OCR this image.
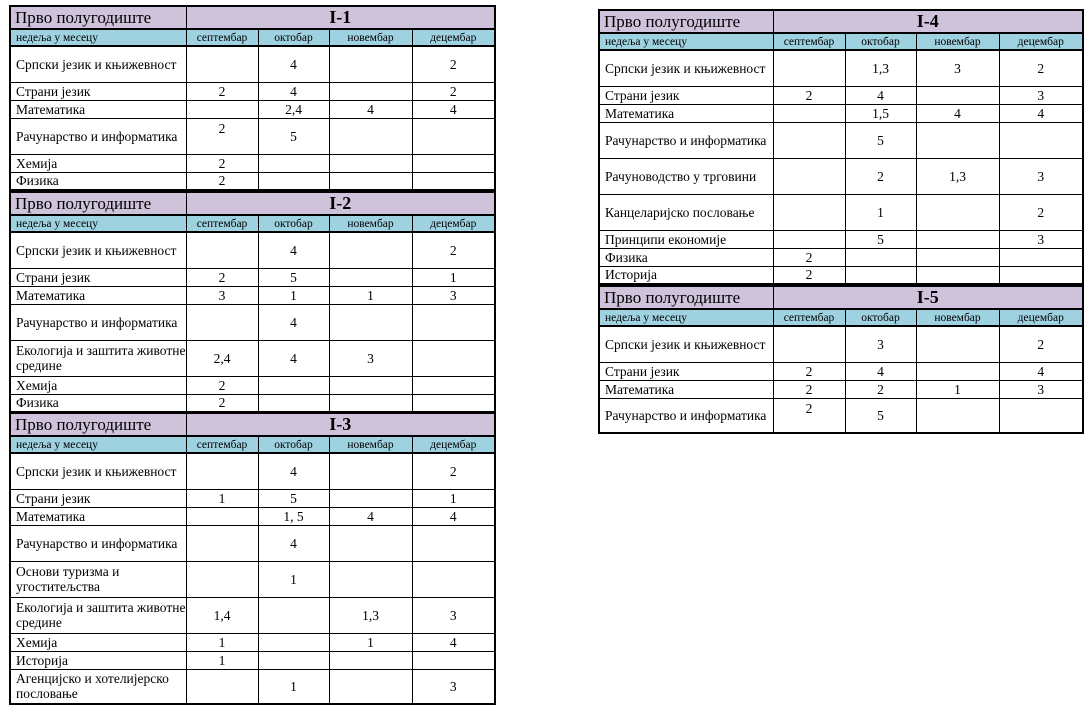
Прво полугодиште	I-1			
недеља у месецу	септембар	октобар	новембар	децембар
Српски језик и књижевност		4		2
Страни језик	2	4		2
Математика		2,4	4	4
Рачунарство и информатика	2	5		
Хемија	2			
Физика	2			
Прво полугодиште	I-2			
недеља у месецу	септембар	октобар	новембар	децембар
Српски језик и књижевност		4		2
Страни језик	2	5		1
Математика	3	1	1	3
Рачунарство и информатика		4		
Екологија и заштита животне средине	2,4	4	3	
Хемија	2			
Физика	2			
Прво полугодиште	I-3			
недеља у месецу	септембар	октобар	новембар	децембар
Српски језик и књижевност		4		2
Страни језик	1	5		1
Математика		1, 5	4	4
Рачунарство и информатика		4		
Основи туризма и угоститељства		1		
Екологија и заштита животне средине	1,4		1,3	3
Хемија	1		1	4
Историја	1			
Агенцијско и хотелијерско пословање		1		3
Прво полугодиште	I-4			
недеља у месецу	септембар	октобар	новембар	децембар
Српски језик и књижевност		1,3	3	2
Страни језик	2	4		3
Математика		1,5	4	4
Рачунарство и информатика		5		
Рачуноводство у трговини		2	1,3	3
Канцеларијско пословање		1		2
Принципи економије		5		3
Физика	2			
Историја	2			
Прво полугодиште	I-5			
недеља у месецу	септембар	октобар	новембар	децембар
Српски језик и књижевност		3		2
Страни језик	2	4		4
Математика	2	2	1	3
Рачунарство и информатика	2	5		
